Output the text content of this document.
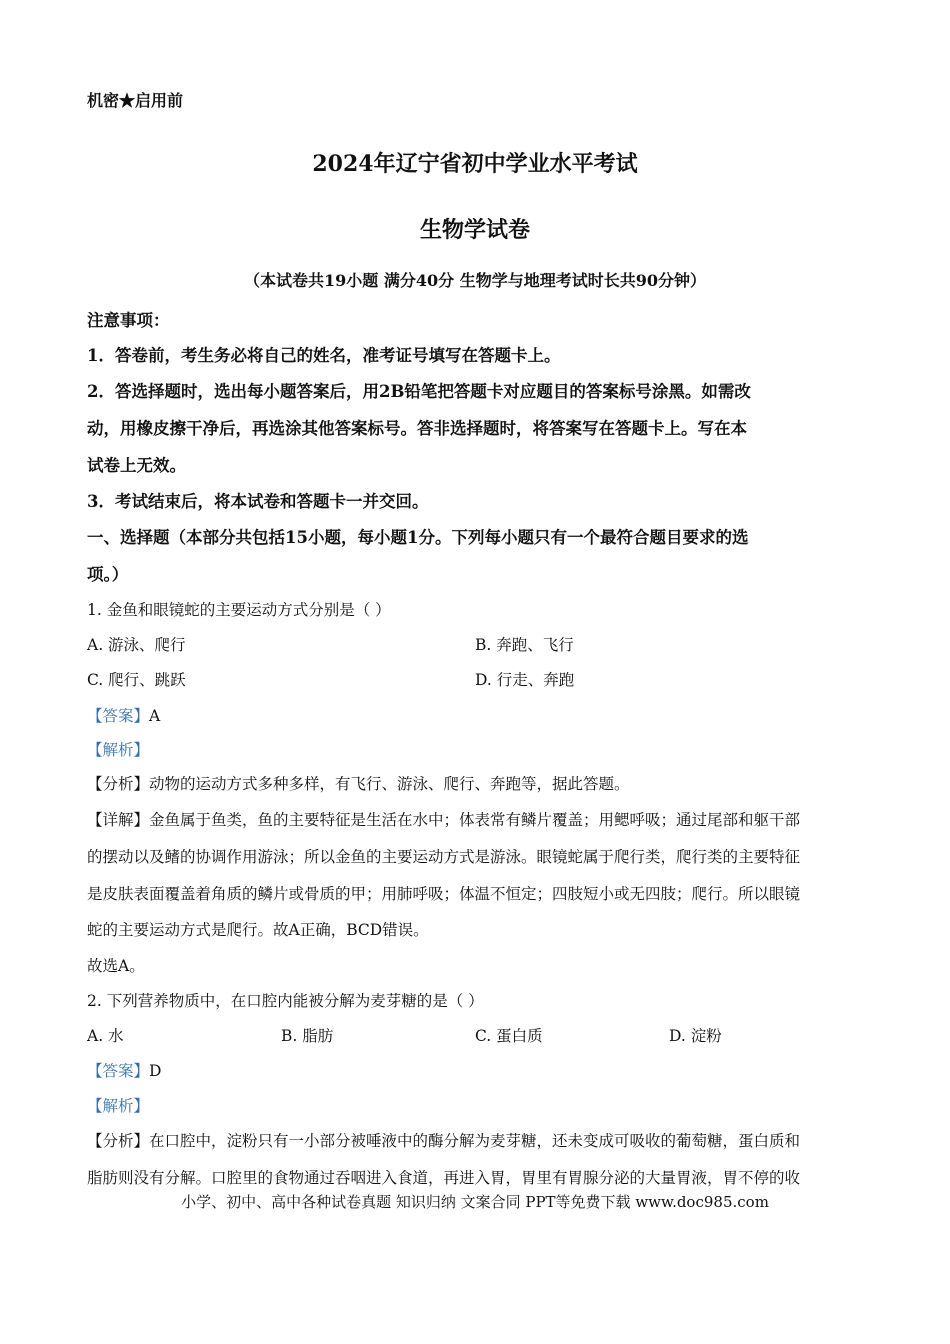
机密★启用前
2024年辽宁省初中学业水平考试
生物学试卷
（本试卷共19小题 满分40分 生物学与地理考试时长共90分钟）
注意事项：
1．答卷前，考生务必将自己的姓名，准考证号填写在答题卡上。
2．答选择题时，选出每小题答案后，用2B铅笔把答题卡对应题目的答案标号涂黑。如需改
动，用橡皮擦干净后，再选涂其他答案标号。答非选择题时，将答案写在答题卡上。写在本
试卷上无效。
3．考试结束后，将本试卷和答题卡一并交回。
一、选择题（本部分共包括15小题，每小题1分。下列每小题只有一个最符合题目要求的选
项。）
1. 金鱼和眼镜蛇的主要运动方式分别是（ ）
A. 游泳、爬行	B. 奔跑、飞行
C. 爬行、跳跃	D. 行走、奔跑
【答案】A
【解析】
【分析】动物的运动方式多种多样，有飞行、游泳、爬行、奔跑等，据此答题。
【详解】金鱼属于鱼类，鱼的主要特征是生活在水中；体表常有鳞片覆盖；用鳃呼吸；通过尾部和躯干部
的摆动以及鳍的协调作用游泳；所以金鱼的主要运动方式是游泳。眼镜蛇属于爬行类，爬行类的主要特征
是皮肤表面覆盖着角质的鳞片或骨质的甲；用肺呼吸；体温不恒定；四肢短小或无四肢；爬行。所以眼镜
蛇的主要运动方式是爬行。故A正确，BCD错误。
故选A。
2. 下列营养物质中，在口腔内能被分解为麦芽糖的是（ ）
A. 水	B. 脂肪	C. 蛋白质	D. 淀粉
【答案】D
【解析】
【分析】在口腔中，淀粉只有一小部分被唾液中的酶分解为麦芽糖，还未变成可吸收的葡萄糖，蛋白质和
脂肪则没有分解。口腔里的食物通过吞咽进入食道，再进入胃，胃里有胃腺分泌的大量胃液，胃不停的收
小学、初中、高中各种试卷真题 知识归纳 文案合同 PPT等免费下载 www.doc985.com
